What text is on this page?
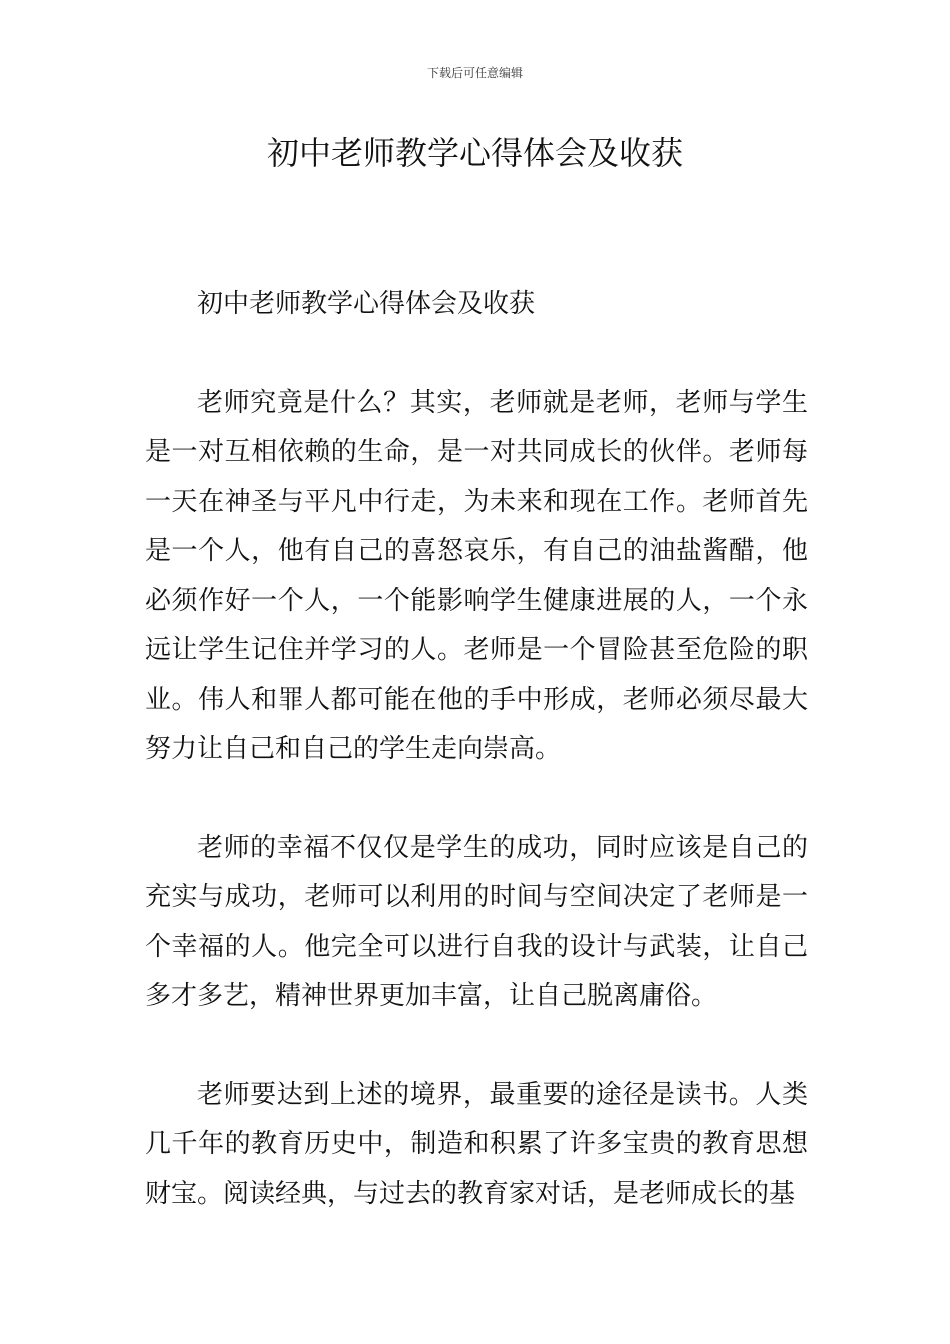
下载后可任意编辑
初中老师教学心得体会及收获

初中老师教学心得体会及收获

老师究竟是什么？其实，老师就是老师，老师与学生是一对互相依赖的生命，是一对共同成长的伙伴。老师每一天在神圣与平凡中行走，为未来和现在工作。老师首先是一个人，他有自己的喜怒哀乐，有自己的油盐酱醋，他必须作好一个人，一个能影响学生健康进展的人，一个永远让学生记住并学习的人。老师是一个冒险甚至危险的职业。伟人和罪人都可能在他的手中形成，老师必须尽最大努力让自己和自己的学生走向崇高。

老师的幸福不仅仅是学生的成功，同时应该是自己的充实与成功，老师可以利用的时间与空间决定了老师是一个幸福的人。他完全可以进行自我的设计与武装，让自己多才多艺，精神世界更加丰富，让自己脱离庸俗。

老师要达到上述的境界，最重要的途径是读书。人类几千年的教育历史中，制造和积累了许多宝贵的教育思想财宝。阅读经典，与过去的教育家对话，是老师成长的基
